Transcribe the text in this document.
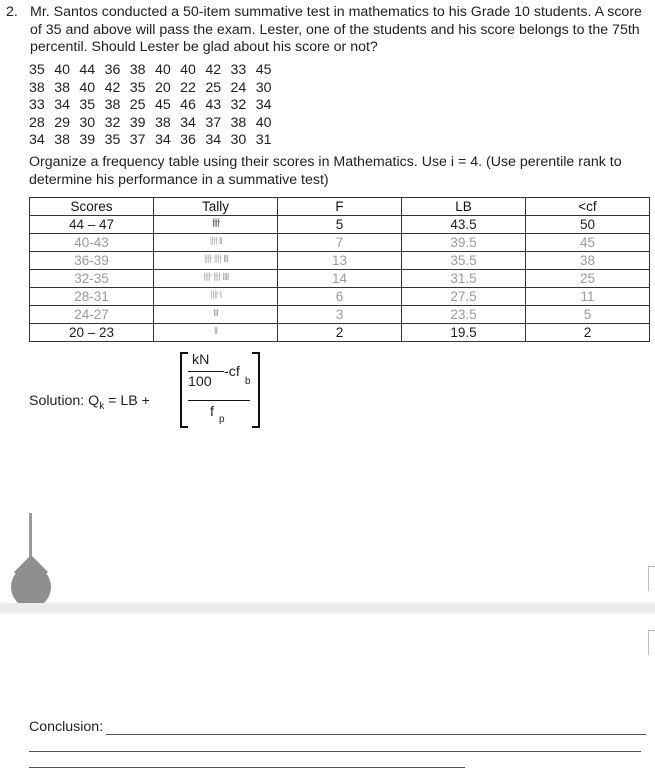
2. Mr. Santos conducted a 50-item summative test in mathematics to his Grade 10 students. A score of 35 and above will pass the exam. Lester, one of the students and his score belongs to the 75th percentil. Should Lester be glad about his score or not?
35 40 44 36 38 40 40 42 33 45
38 38 40 42 35 20 22 25 24 30
33 34 35 38 25 45 46 43 32 34
28 29 30 32 39 38 34 37 38 40
34 38 39 35 37 34 36 34 30 31
Organize a frequency table using their scores in Mathematics. Use i = 4. (Use perentile rank to determine his performance in a summative test)
Scores	Tally	F	LB	<cf
44 – 47	卌	5	43.5	50
40-43	卌 ll	7	39.5	45
36-39	卌 卌 lll	13	35.5	38
32-35	卌 卌 llll	14	31.5	25
28-31	卌 l	6	27.5	11
24-27	lll	3	23.5	5
20 – 23	ll	2	19.5	2
Solution: $Q_k$ = LB +
kN
100
-cf
b
f p
Conclusion:
